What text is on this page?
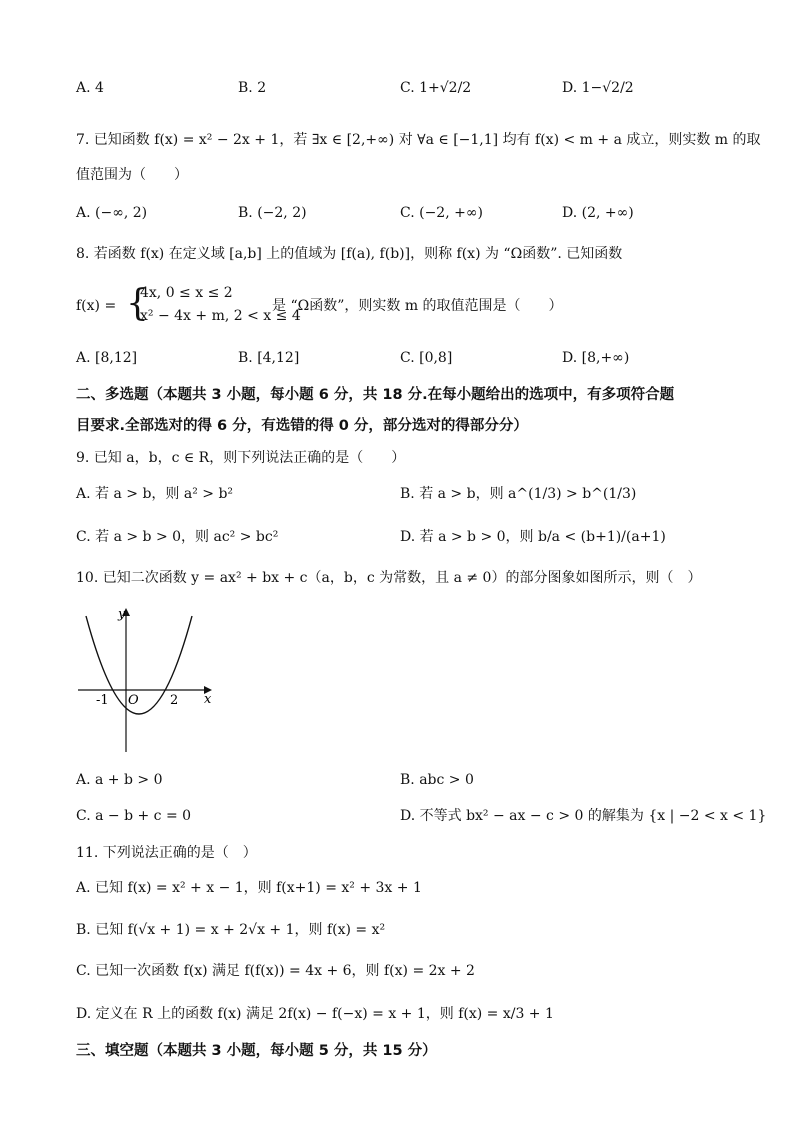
A. 4	B. 2	C. 1+√2/2	D. 1−√2/2
7. 已知函数 f(x) = x² − 2x + 1，若 ∃x ∈ [2,+∞) 对 ∀a ∈ [−1,1] 均有 f(x) < m + a 成立，则实数 m 的取
值范围为（　　）
A. (−∞, 2)	B. (−2, 2)	C. (−2, +∞)	D. (2, +∞)
8. 若函数 f(x) 在定义域 [a,b] 上的值域为 [f(a), f(b)]，则称 f(x) 为 “Ω函数”. 已知函数
f(x) = {
4x, 0 ≤ x ≤ 2
x² − 4x + m, 2 < x ≤ 4
是 “Ω函数”，则实数 m 的取值范围是（　　）
A. [8,12]	B. [4,12]	C. [0,8]	D. [8,+∞)
二、多选题（本题共 3 小题，每小题 6 分，共 18 分.在每小题给出的选项中，有多项符合题
目要求.全部选对的得 6 分，有选错的得 0 分，部分选对的得部分分）
9. 已知 a，b，c ∈ R，则下列说法正确的是（　　）
A. 若 a > b，则 a² > b²	B. 若 a > b，则 a^(1/3) > b^(1/3)
C. 若 a > b > 0，则 ac² > bc²	D. 若 a > b > 0，则 b/a < (b+1)/(a+1)
10. 已知二次函数 y = ax² + bx + c（a，b，c 为常数，且 a ≠ 0）的部分图象如图所示，则（　）
y
x
O
-1	2
A. a + b > 0	B. abc > 0
C. a − b + c = 0	D. 不等式 bx² − ax − c > 0 的解集为 {x | −2 < x < 1}
11. 下列说法正确的是（　）
A. 已知 f(x) = x² + x − 1，则 f(x+1) = x² + 3x + 1
B. 已知 f(√x + 1) = x + 2√x + 1，则 f(x) = x²
C. 已知一次函数 f(x) 满足 f(f(x)) = 4x + 6，则 f(x) = 2x + 2
D. 定义在 R 上的函数 f(x) 满足 2f(x) − f(−x) = x + 1，则 f(x) = x/3 + 1
三、填空题（本题共 3 小题，每小题 5 分，共 15 分）
